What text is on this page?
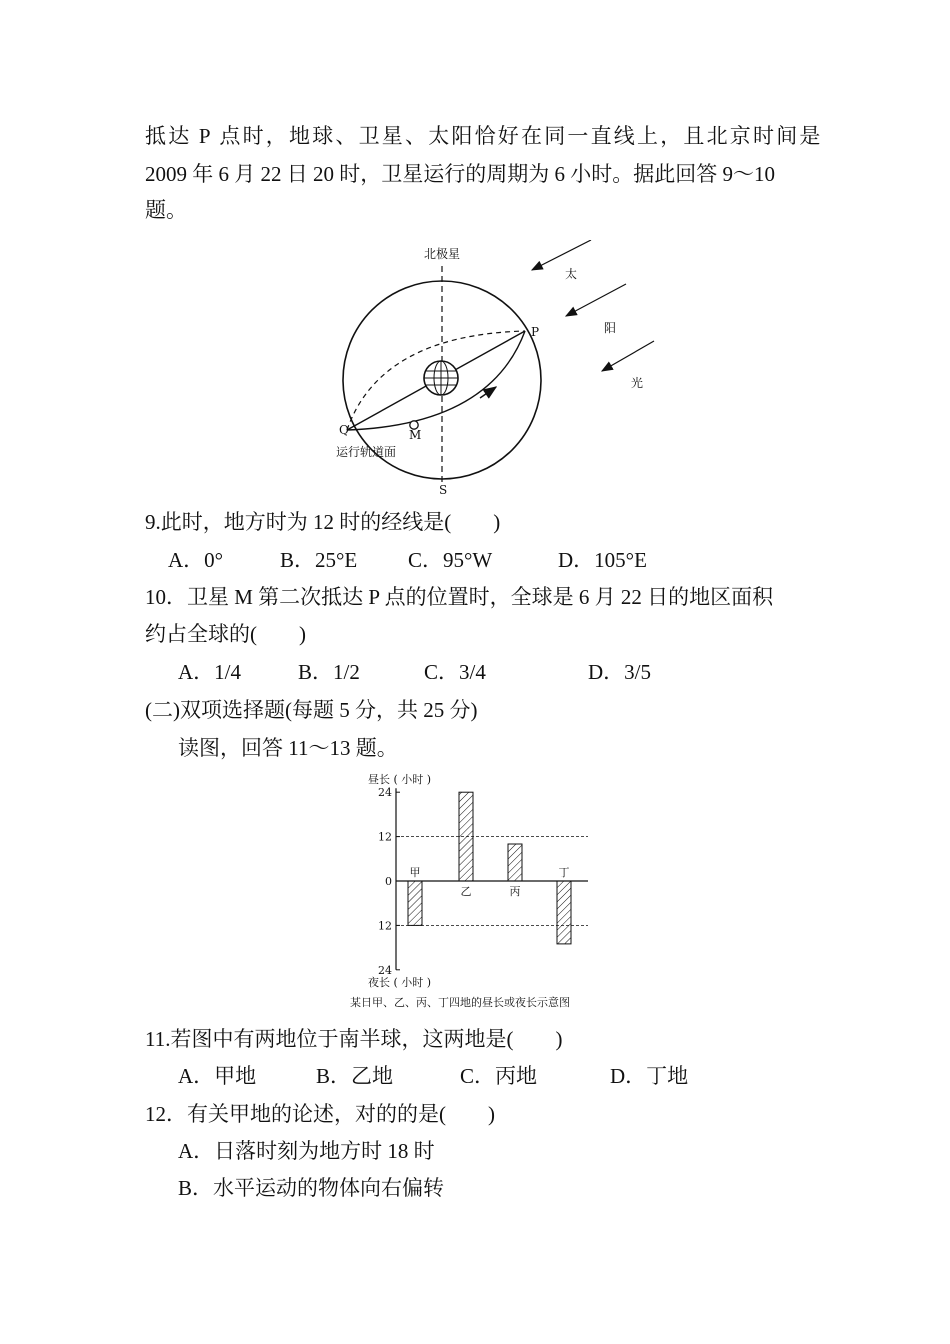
抵达 P 点时，地球、卫星、太阳恰好在同一直线上，且北京时间是
2009 年 6 月 22 日 20 时，卫星运行的周期为 6 小时。据此回答 9～10
题。
北极星
S
P
Q	M
运行轨道面
太
阳
光
9.此时，地方时为 12 时的经线是(　　)
A．0°	B．25°E C．95°W	D．105°E
10．卫星 M 第二次抵达 P 点的位置时，全球是 6 月 22 日的地区面积
约占全球的(　　)
A．1/4	B．1/2	C．3/4	D．3/5
(二)双项选择题(每题 5 分，共 25 分)
读图，回答 11～13 题。
昼长 ( 小时 )
夜长 ( 小时 )
某日甲、乙、丙、丁四地的昼长或夜长示意图
24
12
0
12
24
甲
乙	丙
丁
11.若图中有两地位于南半球，这两地是(　　)
A．甲地	B．乙地	C．丙地	D．丁地
12．有关甲地的论述，对的的是(　　)
A．日落时刻为地方时 18 时
B．水平运动的物体向右偏转
